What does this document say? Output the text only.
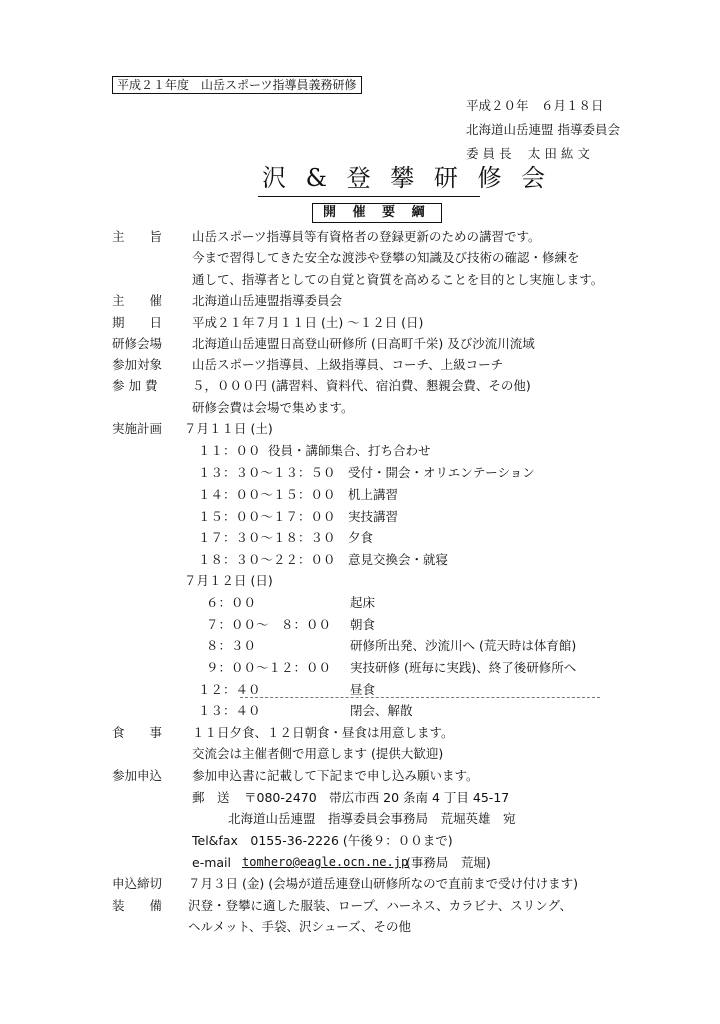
平成２１年度　山岳スポーツ指導員義務研修
平成２０年　６月１８日
北海道山岳連盟 指導委員会
委 員 長　 太 田 紘 文
沢 & 登 攀 研 修 会
開 催 要 綱
主　　旨 山岳スポーツ指導員等有資格者の登録更新のための講習です。
今まで習得してきた安全な渡渉や登攀の知識及び技術の確認・修練を
通して、指導者としての自覚と資質を高めることを目的とし実施します。
主　　催 北海道山岳連盟指導委員会
期　　日 平成２１年７月１１日 (土) ～１２日 (日)
研修会場 北海道山岳連盟日高登山研修所 (日高町千栄) 及び沙流川流域
参加対象 山岳スポーツ指導員、上級指導員、コーチ、上級コーチ
参 加 費	５，０００円 (講習料、資料代、宿泊費、懇親会費、その他)
研修会費は会場で集めます。
実施計画 ７月１１日 (土)
１１：００ 役員・講師集合、打ち合わせ
１３：３０～１３：５０ 受付・開会・オリエンテーション
１４：００～１５：００ 机上講習
１５：００～１７：００ 実技講習
１７：３０～１８：３０ 夕食
１８：３０～２２：００ 意見交換会・就寝
７月１２日 (日)
６：００	起床
７：００～　８：００ 朝食
８：３０	研修所出発、沙流川へ (荒天時は体育館)
９：００～１２：００ 実技研修 (班毎に実践)、終了後研修所へ
１２：４０	昼食
１３：４０	閉会、解散
食　　事 １１日夕食、１２日朝食・昼食は用意します。
交流会は主催者側で用意します (提供大歓迎)
参加申込 参加申込書に記載して下記まで申し込み願います。
郵　送 〒080-2470　帯広市西 20 条南 4 丁目 45-17
北海道山岳連盟　指導委員会事務局　荒堀英雄　宛
Tel&fax　0155-36-2226 (午後９：００まで)
e-mail tomhero@eagle.ocn.ne.jp
(事務局　荒堀)
申込締切 ７月３日 (金) (会場が道岳連登山研修所なので直前まで受け付けます)
装　　備 沢登・登攀に適した服装、ロープ、ハーネス、カラビナ、スリング、
ヘルメット、手袋、沢シューズ、その他
